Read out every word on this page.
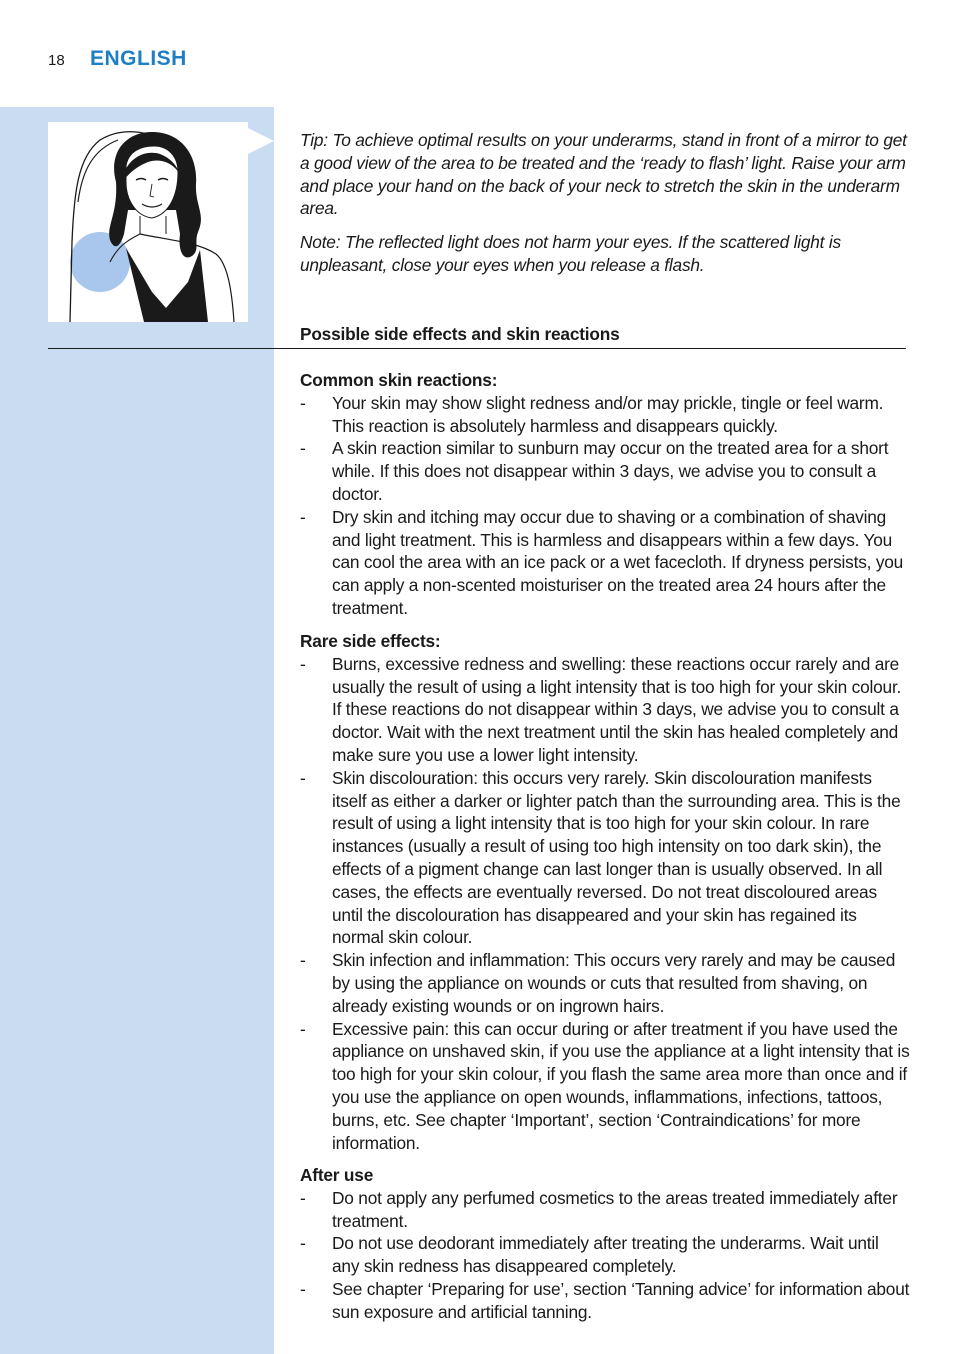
18 ENGLISH

Tip: To achieve optimal results on your underarms, stand in front of a mirror to get a good view of the area to be treated and the ‘ready to flash’ light. Raise your arm and place your hand on the back of your neck to stretch the skin in the underarm area.

Note: The reflected light does not harm your eyes. If the scattered light is unpleasant, close your eyes when you release a flash.

Possible side effects and skin reactions

Common skin reactions:

- Your skin may show slight redness and/or may prickle, tingle or feel warm. This reaction is absolutely harmless and disappears quickly.
- A skin reaction similar to sunburn may occur on the treated area for a short while. If this does not disappear within 3 days, we advise you to consult a doctor.
- Dry skin and itching may occur due to shaving or a combination of shaving and light treatment. This is harmless and disappears within a few days. You can cool the area with an ice pack or a wet facecloth. If dryness persists, you can apply a non-scented moisturiser on the treated area 24 hours after the treatment.

Rare side effects:

- Burns, excessive redness and swelling: these reactions occur rarely and are usually the result of using a light intensity that is too high for your skin colour. If these reactions do not disappear within 3 days, we advise you to consult a doctor. Wait with the next treatment until the skin has healed completely and make sure you use a lower light intensity.
- Skin discolouration: this occurs very rarely. Skin discolouration manifests itself as either a darker or lighter patch than the surrounding area. This is the result of using a light intensity that is too high for your skin colour. In rare instances (usually a result of using too high intensity on too dark skin), the effects of a pigment change can last longer than is usually observed. In all cases, the effects are eventually reversed. Do not treat discoloured areas until the discolouration has disappeared and your skin has regained its normal skin colour.
- Skin infection and inflammation: This occurs very rarely and may be caused by using the appliance on wounds or cuts that resulted from shaving, on already existing wounds or on ingrown hairs.
- Excessive pain: this can occur during or after treatment if you have used the appliance on unshaved skin, if you use the appliance at a light intensity that is too high for your skin colour, if you flash the same area more than once and if you use the appliance on open wounds, inflammations, infections, tattoos, burns, etc. See chapter ‘Important’, section ‘Contraindications’ for more information.

After use

- Do not apply any perfumed cosmetics to the areas treated immediately after treatment.
- Do not use deodorant immediately after treating the underarms. Wait until any skin redness has disappeared completely.
- See chapter ‘Preparing for use’, section ‘Tanning advice’ for information about sun exposure and artificial tanning.
